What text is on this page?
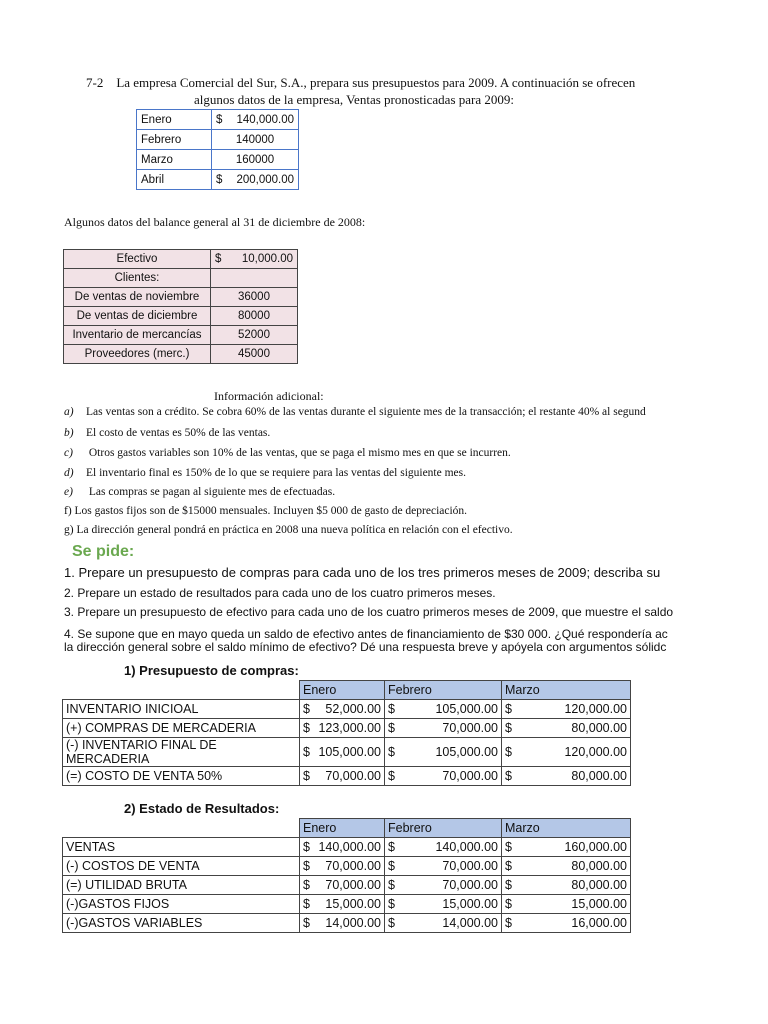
7-2    La empresa Comercial del Sur, S.A., prepara sus presupuestos para 2009. A continuación se ofrecen
algunos datos de la empresa, Ventas pronosticadas para 2009:
Enero	$ 140,000.00

Febrero	140000
Marzo	160000
Abril	$ 200,000.00
Algunos datos del balance general al 31 de diciembre de 2008:
Efectivo	$ 10,000.00

Clientes:	
De ventas de noviembre	36000
De ventas de diciembre	80000
Inventario de mercancías	52000
Proveedores (merc.)	45000
Información adicional:
a) Las ventas son a crédito. Se cobra 60% de las ventas durante el siguiente mes de la transacción; el restante 40% al segund
b) El costo de ventas es 50% de las ventas.
c) Otros gastos variables son 10% de las ventas, que se paga el mismo mes en que se incurren.
d) El inventario final es 150% de lo que se requiere para las ventas del siguiente mes.
e) Las compras se pagan al siguiente mes de efectuadas.
f) Los gastos fijos son de $15000 mensuales. Incluyen $5 000 de gasto de depreciación.
g) La dirección general pondrá en práctica en 2008 una nueva política en relación con el efectivo.
Se pide:
1. Prepare un presupuesto de compras para cada uno de los tres primeros meses de 2009; describa su
2. Prepare un estado de resultados para cada uno de los cuatro primeros meses.
3. Prepare un presupuesto de efectivo para cada uno de los cuatro primeros meses de 2009, que muestre el saldo
4. Se supone que en mayo queda un saldo de efectivo antes de financiamiento de $30 000. ¿Qué respondería ac
la dirección general sobre el saldo mínimo de efectivo? Dé una respuesta breve y apóyela con argumentos sólidc
1) Presupuesto de compras:
	Enero	Febrero	Marzo
INVENTARIO INICIOAL	$ 52,000.00	$ 105,000.00	$ 120,000.00

(+) COMPRAS DE MERCADERIA	$ 123,000.00	$ 70,000.00	$ 80,000.00

(-) INVENTARIO FINAL DE MERCADERIA	$ 105,000.00	$ 105,000.00	$ 120,000.00

(=) COSTO DE VENTA 50%	$ 70,000.00	$ 70,000.00	$ 80,000.00
2) Estado de Resultados:
	Enero	Febrero	Marzo
VENTAS	$ 140,000.00	$ 140,000.00	$ 160,000.00

(-) COSTOS DE VENTA	$ 70,000.00	$ 70,000.00	$ 80,000.00

(=) UTILIDAD BRUTA	$ 70,000.00	$ 70,000.00	$ 80,000.00

(-)GASTOS FIJOS	$ 15,000.00	$ 15,000.00	$ 15,000.00

(-)GASTOS VARIABLES	$ 14,000.00	$ 14,000.00	$ 16,000.00
